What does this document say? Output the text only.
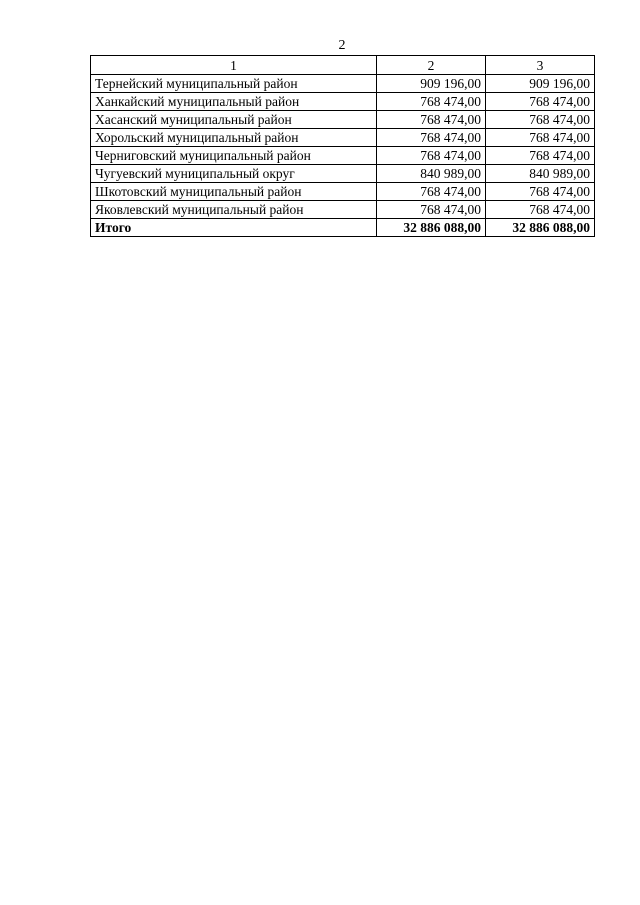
2
1	2	3
Тернейский муниципальный район	909 196,00	909 196,00
Ханкайский муниципальный район	768 474,00	768 474,00
Хасанский муниципальный район	768 474,00	768 474,00
Хорольский муниципальный район	768 474,00	768 474,00
Черниговский муниципальный район	768 474,00	768 474,00
Чугуевский муниципальный округ	840 989,00	840 989,00
Шкотовский муниципальный район	768 474,00	768 474,00
Яковлевский муниципальный район	768 474,00	768 474,00
Итого	32 886 088,00	32 886 088,00
